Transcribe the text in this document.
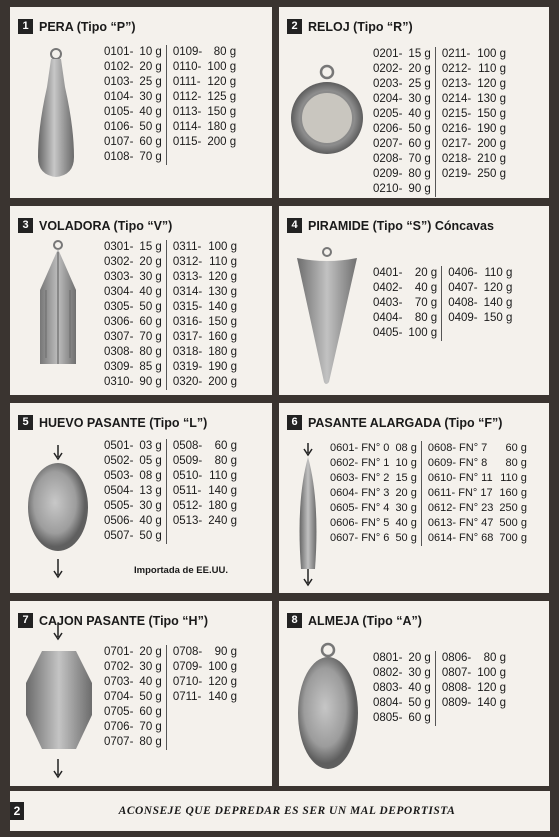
1 PERA (Tipo “P”)
0101- 10 g
0102- 20 g
0103- 25 g
0104- 30 g
0105- 40 g
0106- 50 g
0107- 60 g
0108- 70 g
0109- 80 g
0110- 100 g
0111- 120 g
0112- 125 g
0113- 150 g
0114- 180 g
0115- 200 g
2 RELOJ (Tipo “R”)
0201- 15 g
0202- 20 g
0203- 25 g
0204- 30 g
0205- 40 g
0206- 50 g
0207- 60 g
0208- 70 g
0209- 80 g
0210- 90 g
0211- 100 g
0212- 110 g
0213- 120 g
0214- 130 g
0215- 150 g
0216- 190 g
0217- 200 g
0218- 210 g
0219- 250 g
3 VOLADORA (Tipo “V”)
0301- 15 g
0302- 20 g
0303- 30 g
0304- 40 g
0305- 50 g
0306- 60 g
0307- 70 g
0308- 80 g
0309- 85 g
0310- 90 g
0311- 100 g
0312- 110 g
0313- 120 g
0314- 130 g
0315- 140 g
0316- 150 g
0317- 160 g
0318- 180 g
0319- 190 g
0320- 200 g
4 PIRAMIDE (Tipo “S”) Cóncavas
0401- 20 g
0402- 40 g
0403- 70 g
0404- 80 g
0405- 100 g
0406- 110 g
0407- 120 g
0408- 140 g
0409- 150 g
5 HUEVO PASANTE (Tipo “L”)
0501- 03 g
0502- 05 g
0503- 08 g
0504- 13 g
0505- 30 g
0506- 40 g
0507- 50 g
0508- 60 g
0509- 80 g
0510- 110 g
0511- 140 g
0512- 180 g
0513- 240 g
Importada de EE.UU.
6 PASANTE ALARGADA (Tipo “F”)
0601- FN° 0 08 g
0602- FN° 1 10 g
0603- FN° 2 15 g
0604- FN° 3 20 g
0605- FN° 4 30 g
0606- FN° 5 40 g
0607- FN° 6 50 g
0608- FN° 7 60 g
0609- FN° 8 80 g
0610- FN° 11 110 g
0611- FN° 17 160 g
0612- FN° 23 250 g
0613- FN° 47 500 g
0614- FN° 68 700 g
7 CAJON PASANTE (Tipo “H”)
0701- 20 g
0702- 30 g
0703- 40 g
0704- 50 g
0705- 60 g
0706- 70 g
0707- 80 g
0708- 90 g
0709- 100 g
0710- 120 g
0711- 140 g
8 ALMEJA (Tipo “A”)
0801- 20 g
0802- 30 g
0803- 40 g
0804- 50 g
0805- 60 g
0806- 80 g
0807- 100 g
0808- 120 g
0809- 140 g
2	ACONSEJE QUE DEPREDAR ES SER UN MAL DEPORTISTA
